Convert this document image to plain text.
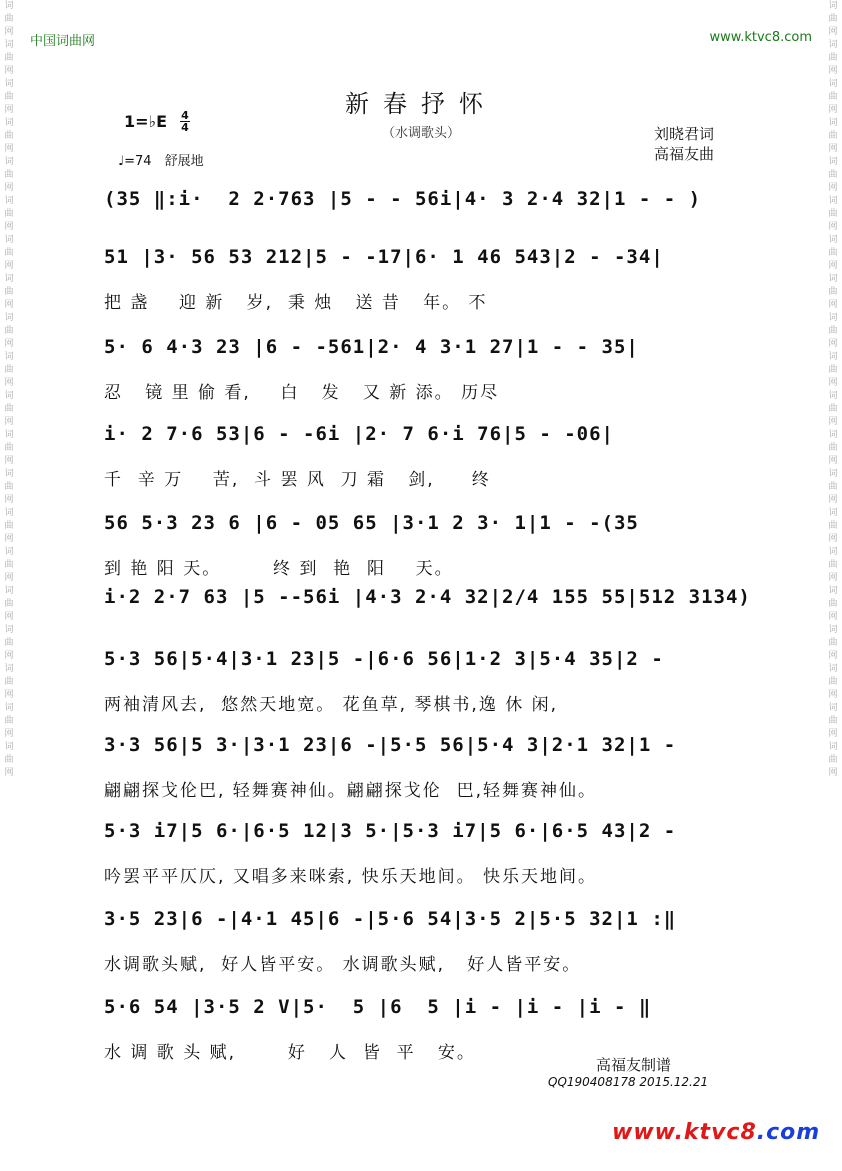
词
曲
网
词
曲
网
词
曲
网
词
曲
网
词
曲
网
词
曲
网
词
曲
网
词
曲
网
词
曲
网
词
曲
网
词
曲
网
词
曲
网
词
曲
网
词
曲
网
词
曲
网
词
曲
网
词
曲
网
词
曲
网
词
曲
网
词
曲
网
词
曲
网
词
曲
网
词
曲
网
词
曲
网
词
曲
网
词
曲
网
词
曲
网
词
曲
网
词
曲
网
词
曲
网
词
曲
网
词
曲
网
词
曲
网
词
曲
网
词
曲
网
词
曲
网
词
曲
网
词
曲
网
词
曲
网
词
曲
网
中国词曲网	www.ktvc8.com
新春抒怀
（水调歌头）
1=♭E 4
4
♩=74　舒展地
刘晓君词
高福友曲
(35 ‖:i·  2 2·763 |5 - - 56i|4· 3 2·4 32|1 - - )
51 |3· 56 53 212|5 - -17|6· 1 46 543|2 - -34|
把 盏    迎 新   岁,  秉 烛   送 昔   年。 不
5· 6 4·3 23 |6 - -561|2· 4 3·1 27|1 - - 35|
忍   镜 里 偷 看,    白   发   又 新 添。 历尽
i· 2 7·6 53|6 - -6i |2· 7 6·i 76|5 - -06|
千  辛 万    苦,  斗 罢 风  刀 霜   剑,     终
56 5·3 23 6 |6 - 05 65 |3·1 2 3· 1|1 - -(35
到 艳 阳 天。       终 到  艳  阳    天。
i·2 2·7 63 |5 --56i |4·3 2·4 32|2/4 155 55|512 3134)
5·3 56|5·4|3·1 23|5 -|6·6 56|1·2 3|5·4 35|2 -
两袖清风去,  悠然天地宽。 花鱼草, 琴棋书,逸 休 闲,
3·3 56|5 3·|3·1 23|6 -|5·5 56|5·4 3|2·1 32|1 -
翩翩探戈伦巴, 轻舞赛神仙。翩翩探戈伦  巴,轻舞赛神仙。
5·3 i7|5 6·|6·5 12|3 5·|5·3 i7|5 6·|6·5 43|2 -
吟罢平平仄仄, 又唱多来咪索, 快乐天地间。 快乐天地间。
3·5 23|6 -|4·1 45|6 -|5·6 54|3·5 2|5·5 32|1 :‖
水调歌头赋,  好人皆平安。 水调歌头赋,   好人皆平安。
5·6 54 |3·5 2 V|5·  5 |6  5 |i - |i - |i - ‖
水 调 歌 头 赋,       好   人  皆  平   安。
高福友制谱
QQ190408178 2015.12.21
www.ktvc8.com
